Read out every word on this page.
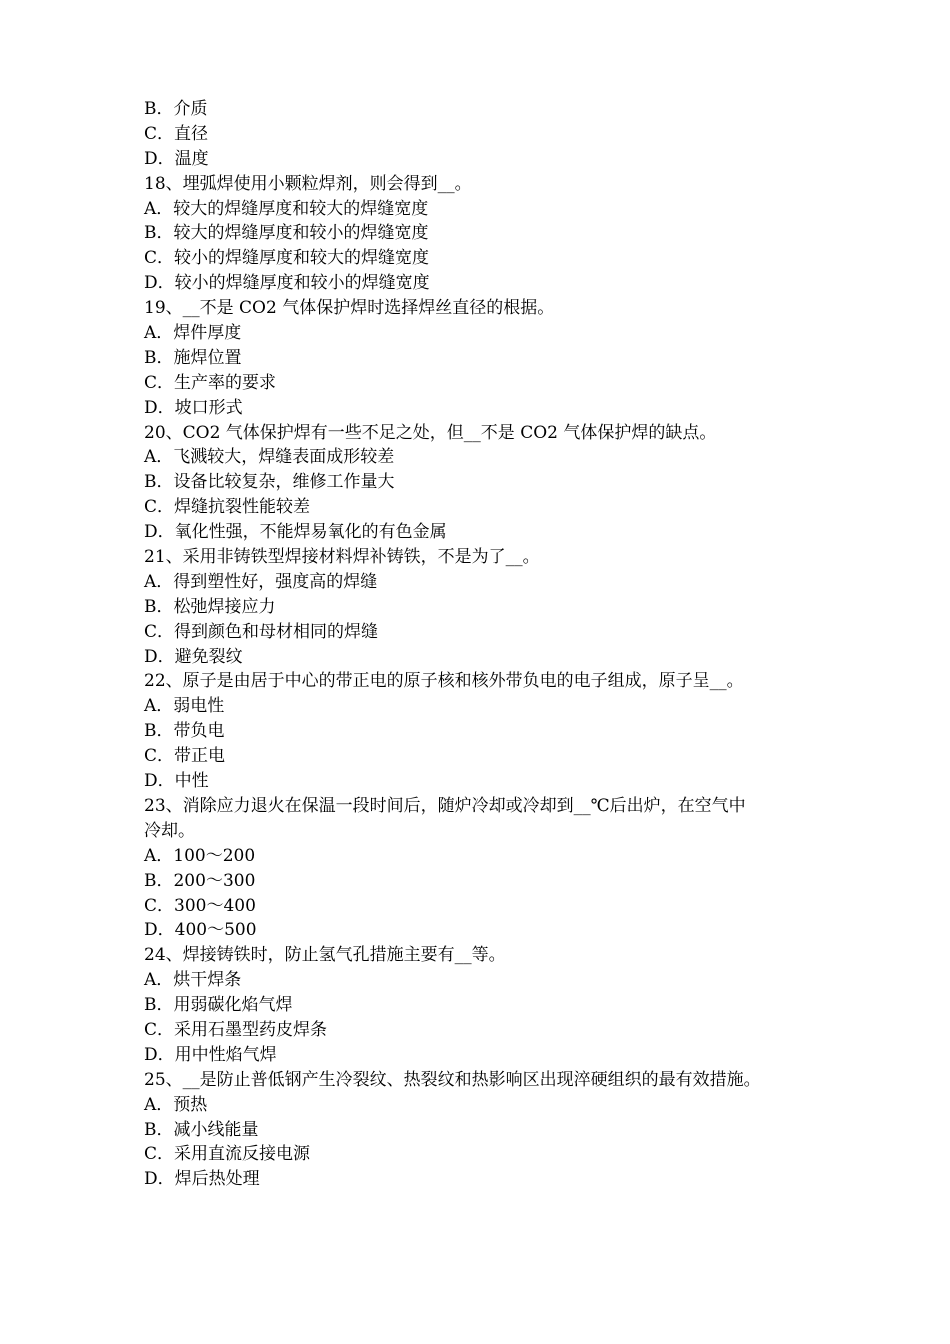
B．介质
C．直径
D．温度
18、埋弧焊使用小颗粒焊剂，则会得到__。
A．较大的焊缝厚度和较大的焊缝宽度
B．较大的焊缝厚度和较小的焊缝宽度
C．较小的焊缝厚度和较大的焊缝宽度
D．较小的焊缝厚度和较小的焊缝宽度
19、__不是 CO2 气体保护焊时选择焊丝直径的根据。
A．焊件厚度
B．施焊位置
C．生产率的要求
D．坡口形式
20、CO2 气体保护焊有一些不足之处，但__不是 CO2 气体保护焊的缺点。
A．飞溅较大，焊缝表面成形较差
B．设备比较复杂，维修工作量大
C．焊缝抗裂性能较差
D．氧化性强，不能焊易氧化的有色金属
21、采用非铸铁型焊接材料焊补铸铁，不是为了__。
A．得到塑性好，强度高的焊缝
B．松弛焊接应力
C．得到颜色和母材相同的焊缝
D．避免裂纹
22、原子是由居于中心的带正电的原子核和核外带负电的电子组成，原子呈__。
A．弱电性
B．带负电
C．带正电
D．中性
23、消除应力退火在保温一段时间后，随炉冷却或冷却到__℃后出炉，在空气中
冷却。
A．100～200
B．200～300
C．300～400
D．400～500
24、焊接铸铁时，防止氢气孔措施主要有__等。
A．烘干焊条
B．用弱碳化焰气焊
C．采用石墨型药皮焊条
D．用中性焰气焊
25、__是防止普低钢产生冷裂纹、热裂纹和热影响区出现淬硬组织的最有效措施。
A．预热
B．减小线能量
C．采用直流反接电源
D．焊后热处理
